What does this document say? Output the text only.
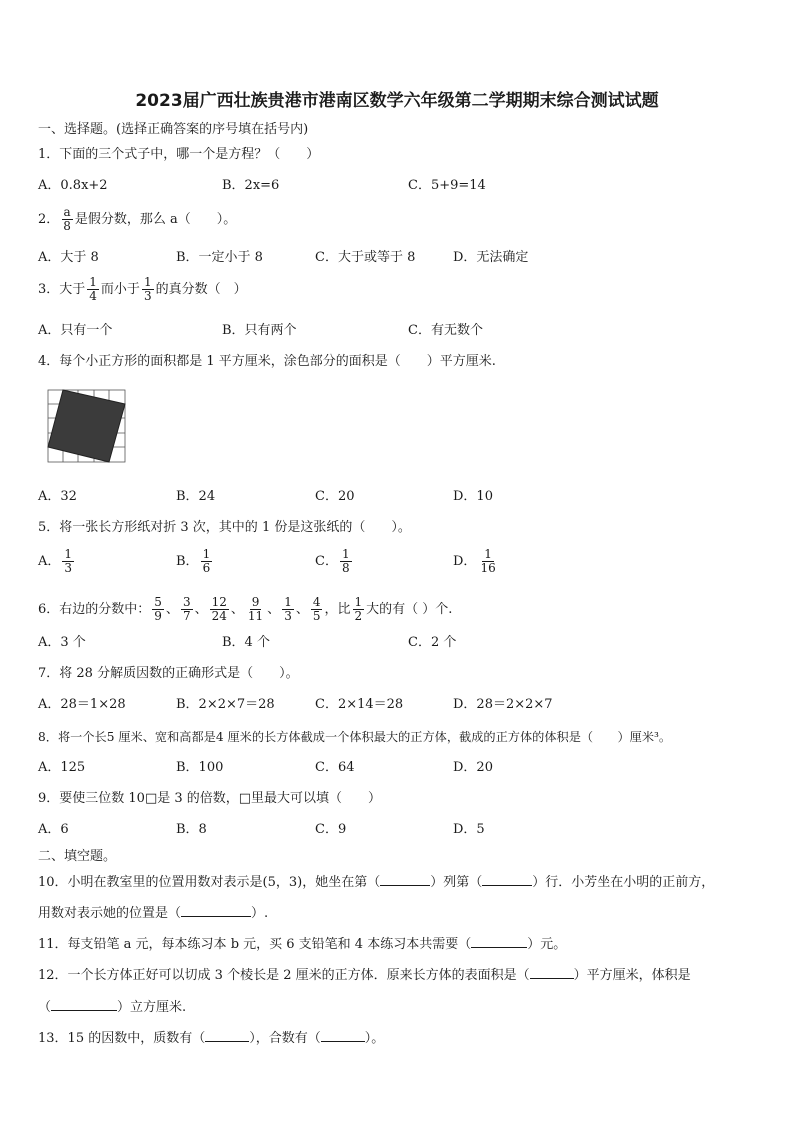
2023届广西壮族贵港市港南区数学六年级第二学期期末综合测试试题
一、选择题。(选择正确答案的序号填在括号内)
1．下面的三个式子中，哪一个是方程？（　　）
A．0.8x+2	B．2x=6	C．5+9=14
2． $\frac{a}{8}$ 是假分数，那么 a（　　）。
A．大于 8	B．一定小于 8	C．大于或等于 8	D．无法确定
3．大于 $\frac{1}{4}$ 而小于 $\frac{1}{3}$ 的真分数（　）
A．只有一个	B．只有两个	C．有无数个
4．每个小正方形的面积都是 1 平方厘米，涂色部分的面积是（　　）平方厘米.
A．32	B．24	C．20	D．10
5．将一张长方形纸对折 3 次，其中的 1 份是这张纸的（　　）。
A． $\frac{1}{3}$	B． $\frac{1}{6}$	C． $\frac{1}{8}$	D． $\frac{1}{16}$
6．右边的分数中： $\frac{5}{9}$ 、 $\frac{3}{7}$ 、 $\frac{12}{24}$ 、 $\frac{9}{11}$ 、 $\frac{1}{3}$ 、 $\frac{4}{5}$ ，比 $\frac{1}{2}$ 大的有（ ）个.
A．3 个	B．4 个	C．2 个
7．将 28 分解质因数的正确形式是（　　）。
A．28＝1×28	B．2×2×7＝28	C．2×14＝28	D．28＝2×2×7
8．将一个长5 厘米、宽和高都是4 厘米的长方体截成一个体积最大的正方体，截成的正方体的体积是（　　）厘米³。
A．125	B．100	C．64	D．20
9．要使三位数 10□是 3 的倍数，□里最大可以填（　　）
A．6	B．8	C．9	D．5
二、填空题。
10．小明在教室里的位置用数对表示是(5，3)，她坐在第（	）列第（	）行．小芳坐在小明的正前方，
用数对表示她的位置是（	）.
11．每支铅笔 a 元，每本练习本 b 元，买 6 支铅笔和 4 本练习本共需要（	）元。
12．一个长方体正好可以切成 3 个棱长是 2 厘米的正方体．原来长方体的表面积是（	）平方厘米，体积是
（	）立方厘米.
13．15 的因数中，质数有（	），合数有（	）。
